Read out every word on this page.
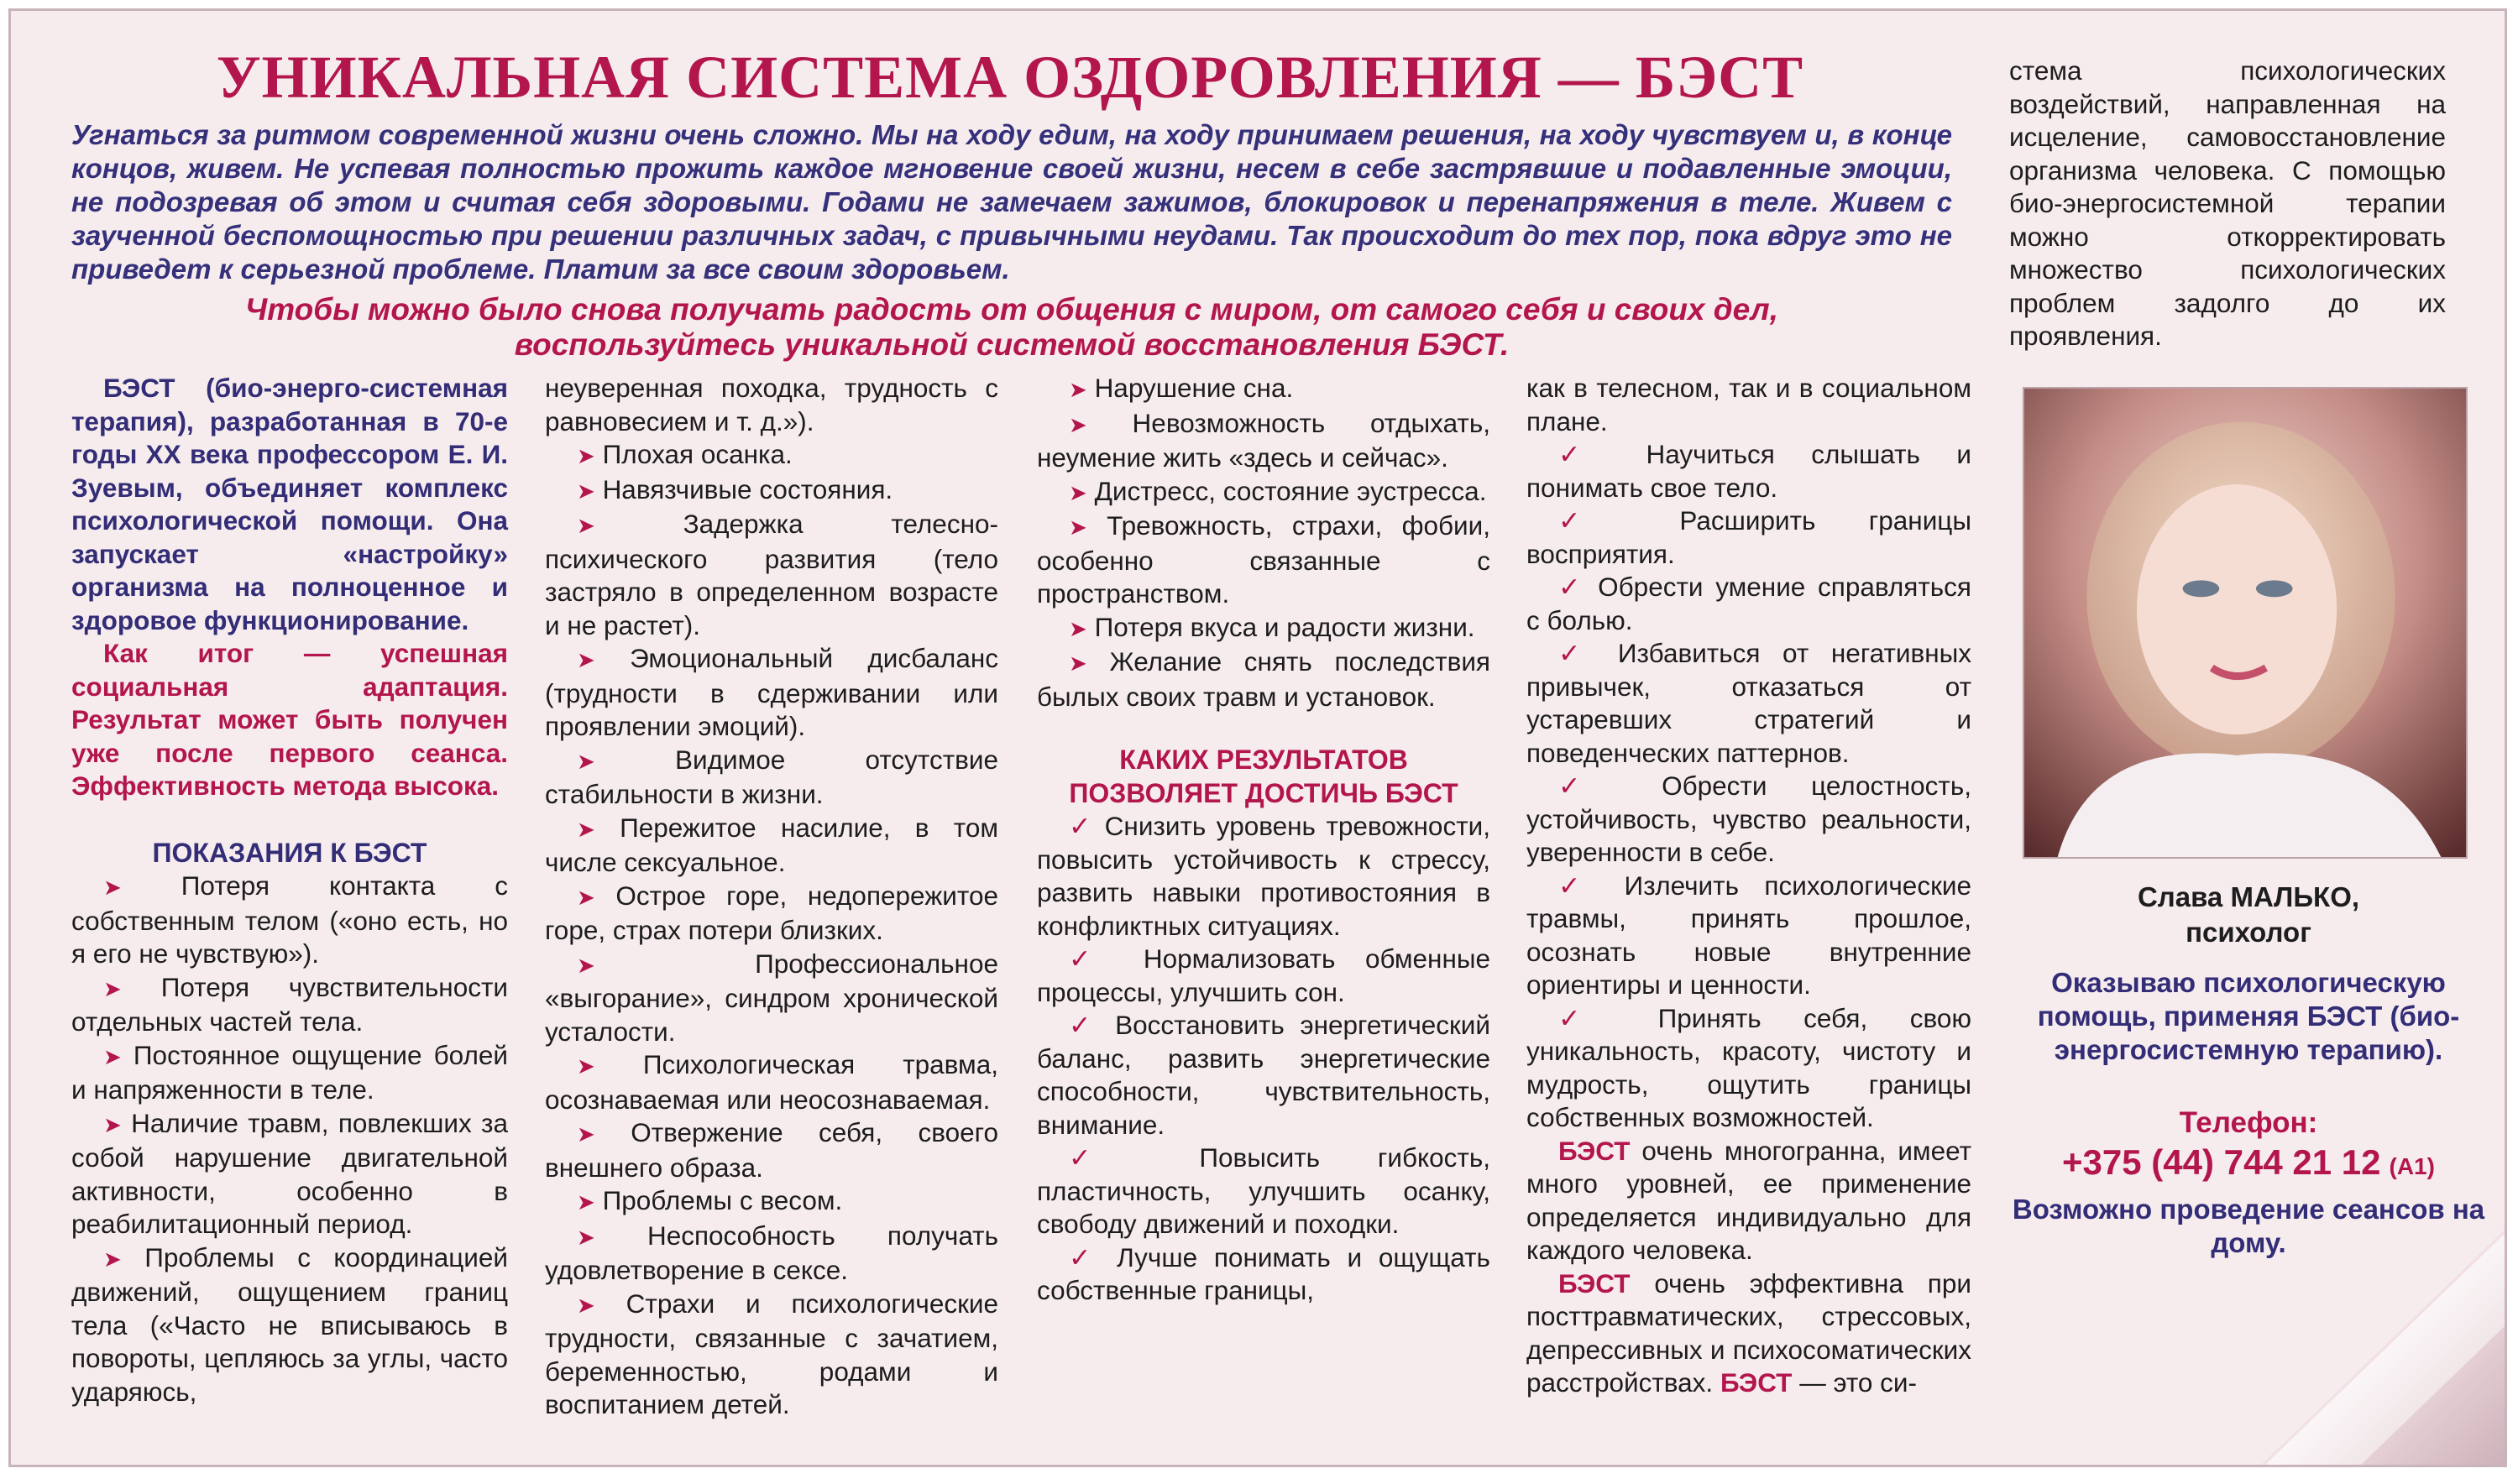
УНИКАЛЬНАЯ СИСТЕМА ОЗДОРОВЛЕНИЯ — БЭСТ

Угнаться за ритмом современной жизни очень сложно. Мы на ходу едим, на ходу принимаем решения, на ходу чувствуем и, в конце концов, живем. Не успевая полностью прожить каждое мгновение своей жизни, несем в себе застрявшие и подавленные эмоции, не подозревая об этом и считая себя здоровыми. Годами не замечаем зажимов, блокировок и перенапряжения в теле. Живем с заученной беспомощностью при решении различных задач, с привычными неудами. Так происходит до тех пор, пока вдруг это не приведет к серьезной проблеме. Платим за все своим здоровьем.

Чтобы можно было снова получать радость от общения с миром, от самого себя и своих дел,
воспользуйтесь уникальной системой восстановления БЭСТ.

БЭСТ (био-энерго-системная терапия), разработанная в 70-е годы XX века профессором Е. И. Зуевым, объединяет комплекс психологической помощи. Она запускает «настройку» организма на полноценное и здоровое функционирование.

Как итог — успешная социальная адаптация. Результат может быть получен уже после первого сеанса. Эффективность метода высока.

ПОКАЗАНИЯ К БЭСТ

➤ Потеря контакта с собственным телом («оно есть, но я его не чувствую»).

➤ Потеря чувствительности отдельных частей тела.

➤ Постоянное ощущение болей и напряженности в теле.

➤ Наличие травм, повлекших за собой нарушение двигательной активности, особенно в реабилитационный период.

➤ Проблемы с координацией движений, ощущением границ тела («Часто не вписываюсь в повороты, цепляюсь за углы, часто ударяюсь,

неуверенная походка, трудность с равновесием и т. д.»).

➤ Плохая осанка.

➤ Навязчивые состояния.

➤	Задержка телесно-психического развития (тело застряло в определенном возрасте и не растет).

➤ Эмоциональный дисбаланс (трудности в сдерживании или проявлении эмоций).

➤	Видимое отсутствие стабильности в жизни.

➤ Пережитое насилие, в том числе сексуальное.

➤ Острое горе, недопережитое горе, страх потери близких.

➤	Профессиональное «выгорание», синдром хронической усталости.

➤ Психологическая травма, осознаваемая или неосознаваемая.

➤ Отвержение себя, своего внешнего образа.

➤ Проблемы с весом.

➤ Неспособность получать удовлетворение в сексе.

➤ Страхи и психологические трудности, связанные с зачатием, беременностью, родами и воспитанием детей.

➤ Нарушение сна.

➤ Невозможность отдыхать, неумение жить «здесь и сейчас».

➤ Дистресс, состояние эустресса.

➤ Тревожность, страхи, фобии, особенно связанные с пространством.

➤ Потеря вкуса и радости жизни.

➤ Желание снять последствия былых своих травм и установок.

КАКИХ РЕЗУЛЬТАТОВ
ПОЗВОЛЯЕТ ДОСТИЧЬ БЭСТ

✓ Снизить уровень тревожности, повысить устойчивость к стрессу, развить навыки противостояния в конфликтных ситуациях.

✓ Нормализовать обменные процессы, улучшить сон.

✓ Восстановить энергетический баланс, развить энергетические способности, чувствительность, внимание.

✓ Повысить гибкость, пластичность, улучшить осанку, свободу движений и походки.

✓ Лучше понимать и ощущать собственные границы,

как в телесном, так и в социальном плане.

✓ Научиться слышать и понимать свое тело.

✓ Расширить границы восприятия.

✓ Обрести умение справляться с болью.

✓ Избавиться от негативных привычек, отказаться от устаревших стратегий и поведенческих паттернов.

✓ Обрести целостность, устойчивость, чувство реальности, уверенности в себе.

✓ Излечить психологические травмы, принять прошлое, осознать новые внутренние ориентиры и ценности.

✓ Принять себя, свою уникальность, красоту, чистоту и мудрость, ощутить границы собственных возможностей.

БЭСТ очень многогранна, имеет много уровней, ее применение определяется индивидуально для каждого человека.

БЭСТ очень эффективна при посттравматических, стрессовых, депрессивных и психосоматических расстройствах. БЭСТ — это си-

стема психологических воздействий, направленная на исцеление, самовосстановление организма человека. С помощью био-энергосистемной терапии можно откорректировать множество психологических проблем задолго до их проявления.

Слава МАЛЬКО,
психолог
Оказываю психологическую помощь, применяя БЭСТ (био-энергосистемную терапию).
Телефон:
+375 (44) 744 21 12 (А1)
Возможно проведение сеансов на дому.
